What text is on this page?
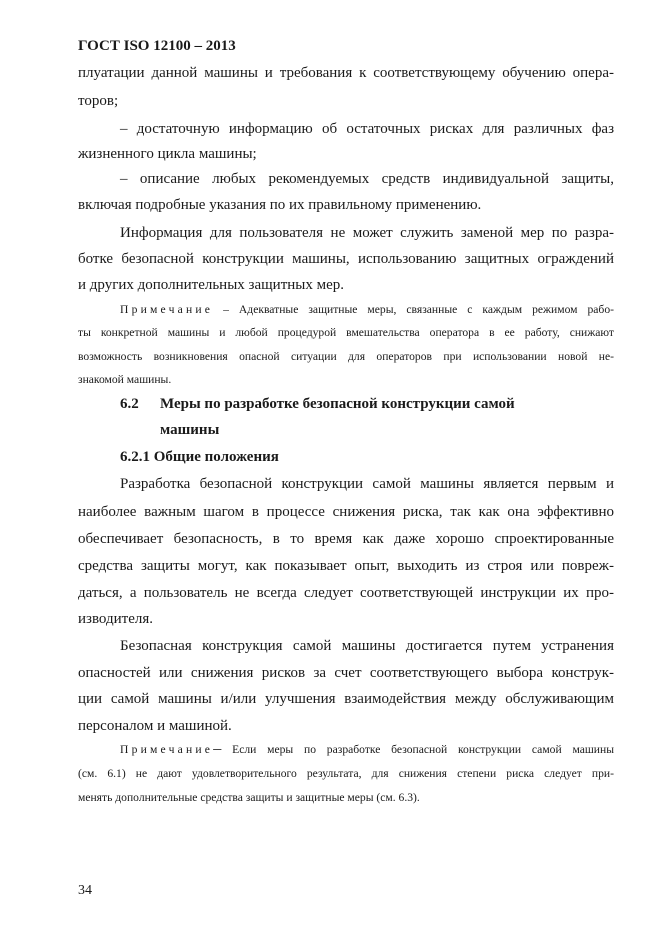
ГОСТ ISO 12100 – 2013
плуатации данной машины и требования к соответствующему обучению опера-
торов;
– достаточную информацию об остаточных рисках для различных фаз
жизненного цикла машины;
– описание любых рекомендуемых средств индивидуальной защиты,
включая подробные указания по их правильному применению.
Информация для пользователя не может служить заменой мер по разра-
ботке безопасной конструкции машины, использованию защитных ограждений
и других дополнительных защитных мер.
Примечание – Адекватные защитные меры, связанные с каждым режимом рабо-
ты конкретной машины и любой процедурой вмешательства оператора в ее работу, снижают
возможность возникновения опасной ситуации для операторов при использовании новой не-
знакомой машины.
6.2 Меры по разработке безопасной конструкции самой
машины
6.2.1 Общие положения
Разработка безопасной конструкции самой машины является первым и
наиболее важным шагом в процессе снижения риска, так как она эффективно
обеспечивает безопасность, в то время как даже хорошо спроектированные
средства защиты могут, как показывает опыт, выходить из строя или повреж-
даться, а пользователь не всегда следует соответствующей инструкции их про-
изводителя.
Безопасная конструкция самой машины достигается путем устранения
опасностей или снижения рисков за счет соответствующего выбора конструк-
ции самой машины и/или улучшения взаимодействия между обслуживающим
персоналом и машиной.
Примечание─ Если меры по разработке безопасной конструкции самой машины
(см. 6.1) не дают удовлетворительного результата, для снижения степени риска следует при-
менять дополнительные средства защиты и защитные меры (см. 6.3).
34
